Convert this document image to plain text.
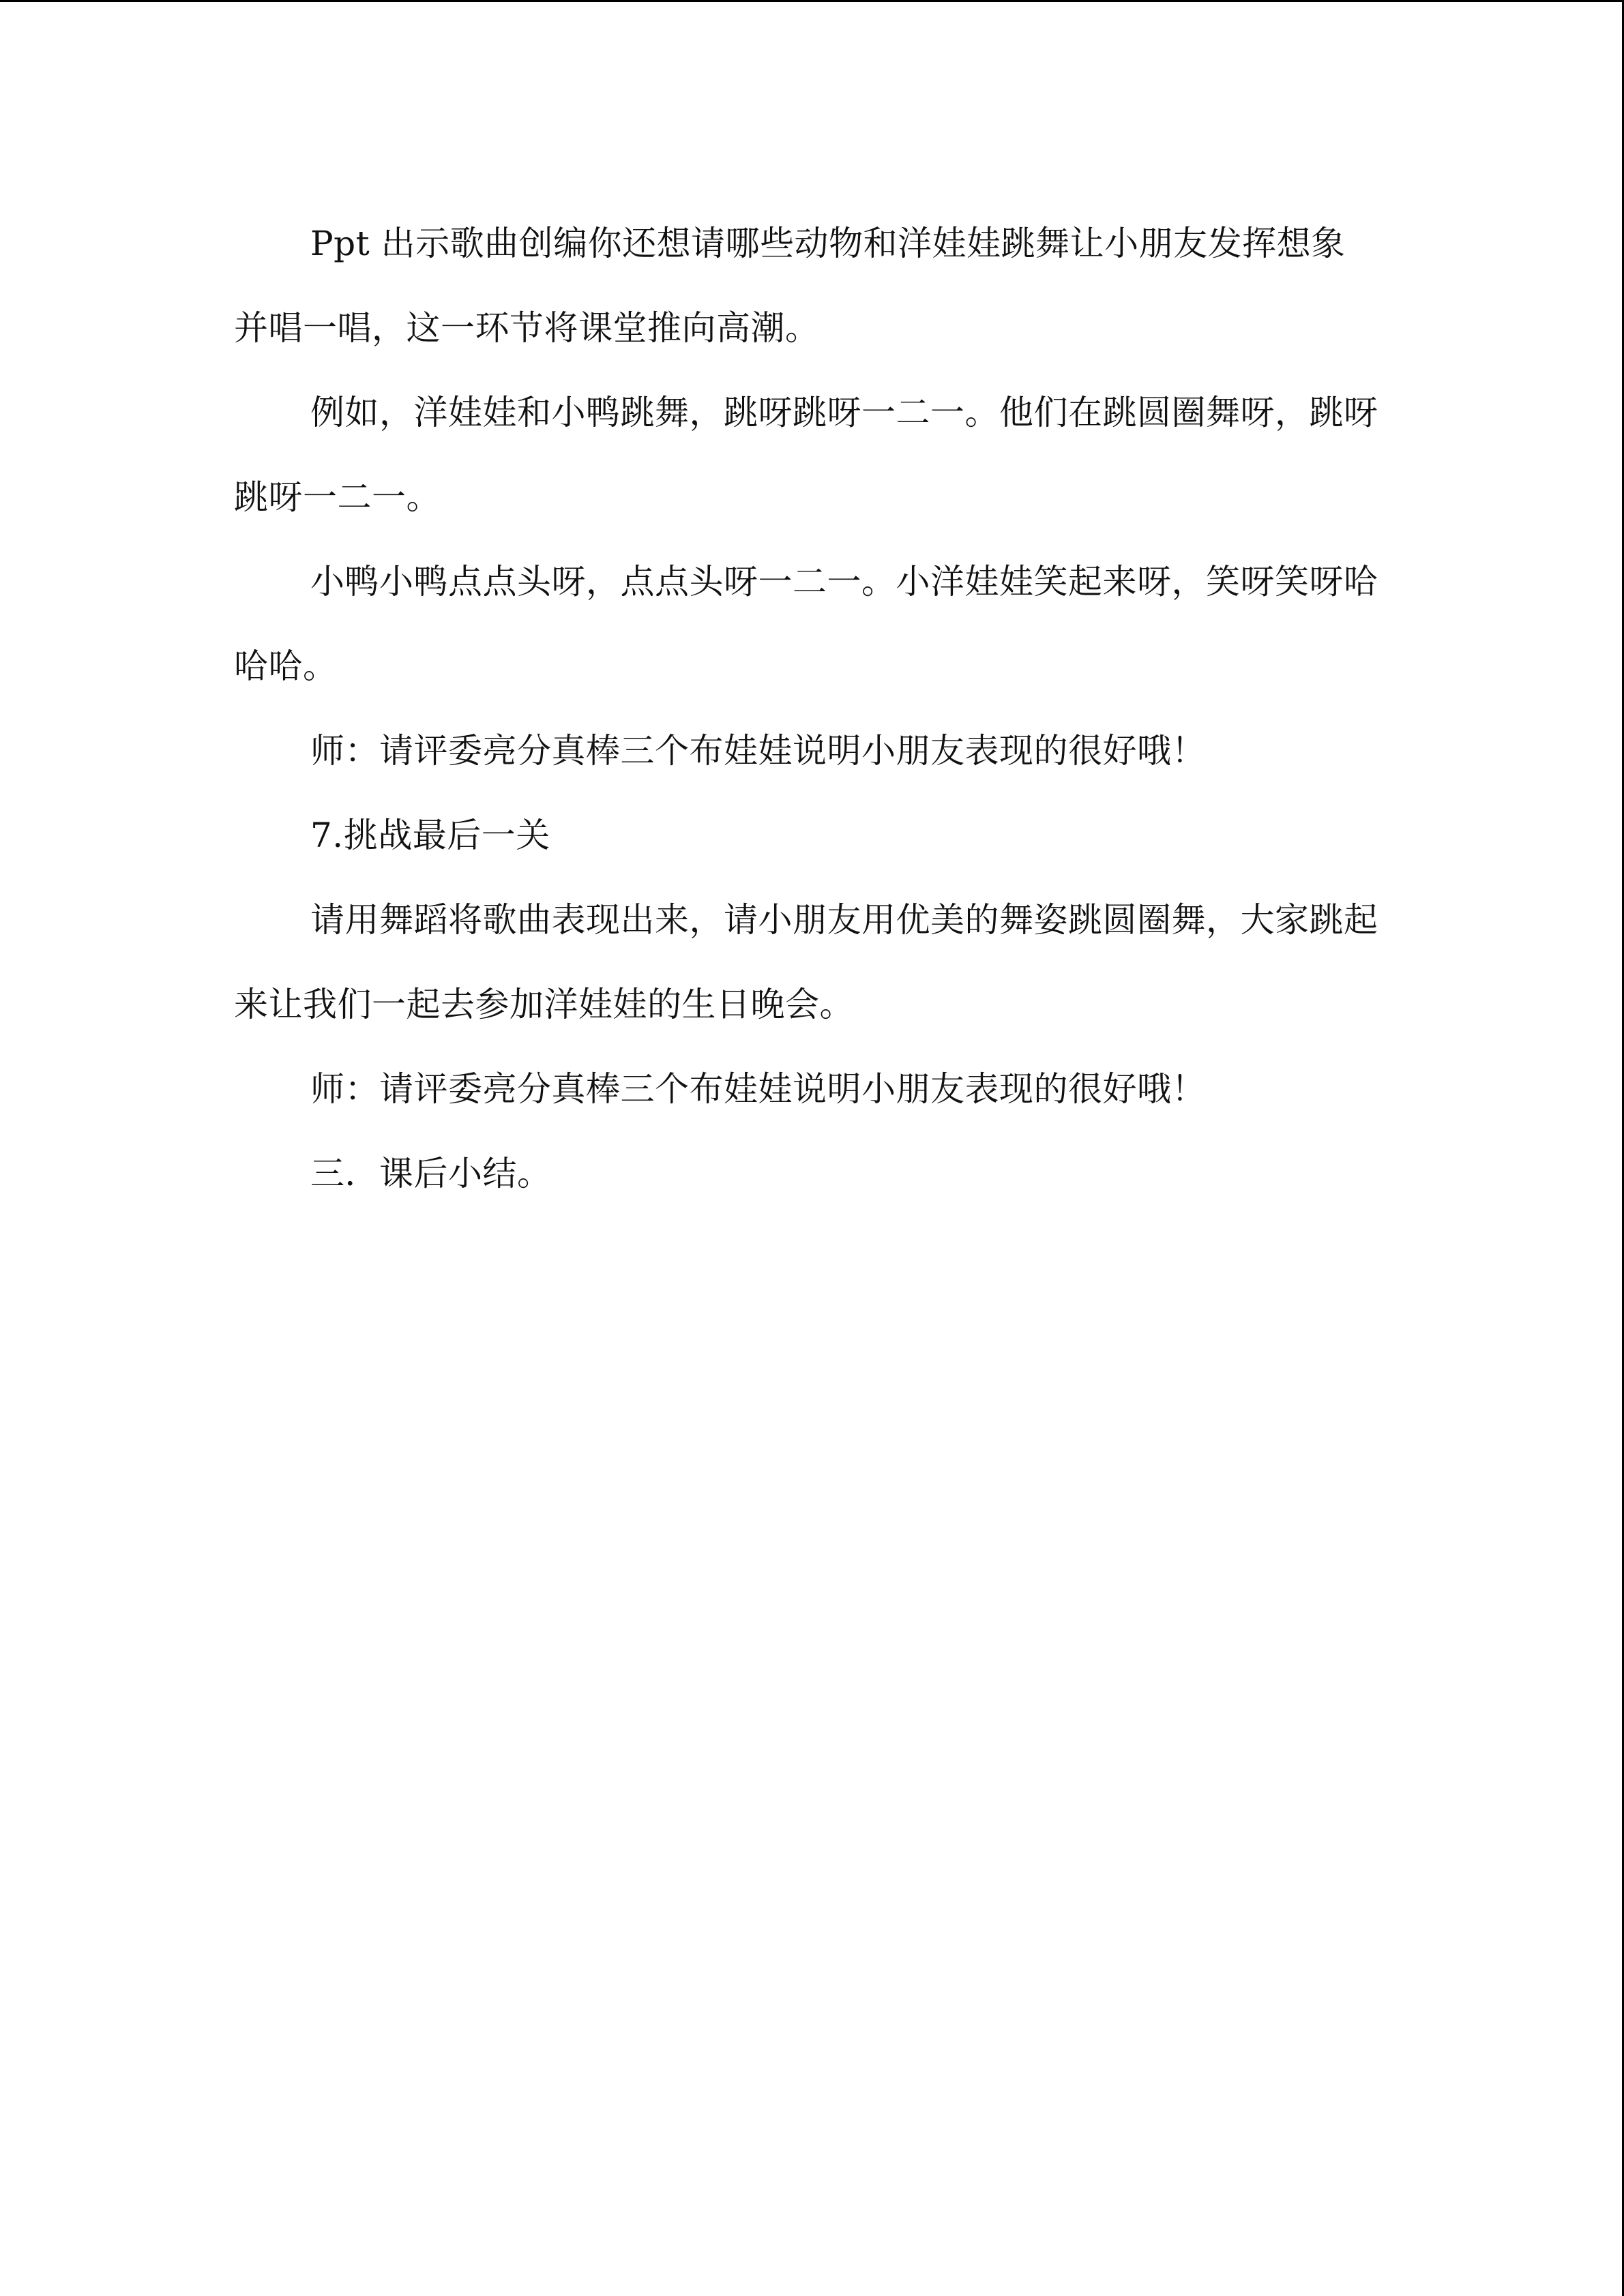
Ppt 出示歌曲创编你还想请哪些动物和洋娃娃跳舞让小朋友发挥想象并唱一唱，这一环节将课堂推向高潮。

例如，洋娃娃和小鸭跳舞，跳呀跳呀一二一。他们在跳圆圈舞呀，跳呀跳呀一二一。

小鸭小鸭点点头呀，点点头呀一二一。小洋娃娃笑起来呀，笑呀笑呀哈哈哈。

师：请评委亮分真棒三个布娃娃说明小朋友表现的很好哦！

7.挑战最后一关

请用舞蹈将歌曲表现出来，请小朋友用优美的舞姿跳圆圈舞，大家跳起来让我们一起去参加洋娃娃的生日晚会。

师：请评委亮分真棒三个布娃娃说明小朋友表现的很好哦！

三．课后小结。
